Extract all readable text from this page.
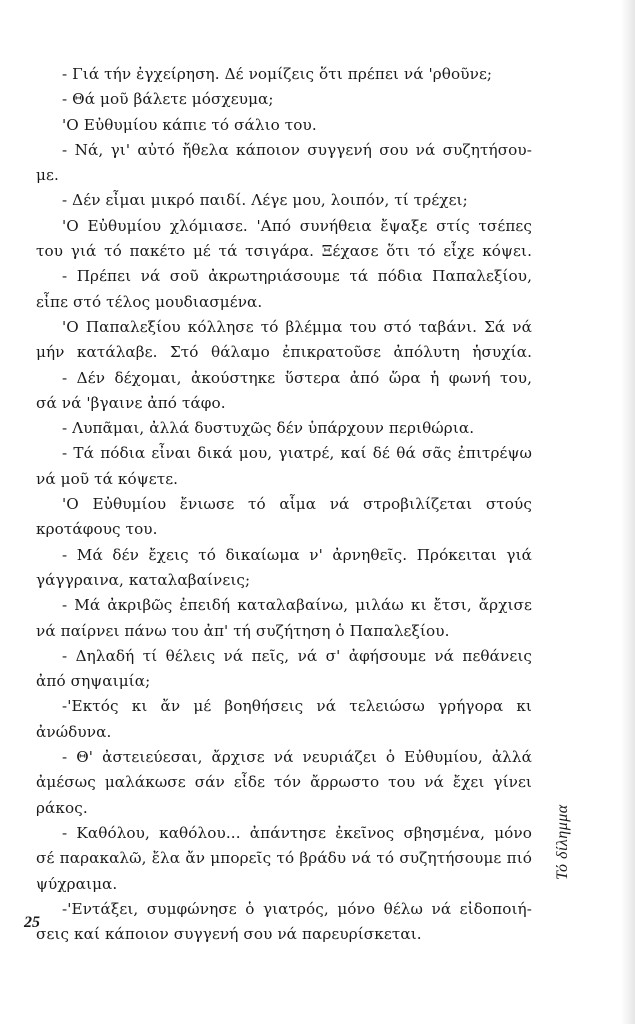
- Γιά τήν ἐγχείρηση. Δέ νομίζεις ὅτι πρέπει νά 'ρθοῦνε;
- Θά μοῦ βάλετε μόσχευμα;
'Ο Εὐθυμίου κάπιε τό σάλιο του.
- Νά, γι' αὐτό ἤθελα κάποιον συγγενή σου νά συζητήσου-
με.
- Δέν εἶμαι μικρό παιδί. Λέγε μου, λοιπόν, τί τρέχει;
'Ο Εὐθυμίου χλόμιασε. 'Από συνήθεια ἔψαξε στίς τσέπες
του γιά τό πακέτο μέ τά τσιγάρα. Ξέχασε ὅτι τό εἶχε κόψει.
- Πρέπει νά σοῦ ἀκρωτηριάσουμε τά πόδια Παπαλεξίου,
εἶπε στό τέλος μουδιασμένα.
'Ο Παπαλεξίου κόλλησε τό βλέμμα του στό ταβάνι. Σά νά
μήν κατάλαβε. Στό θάλαμο ἐπικρατοῦσε ἀπόλυτη ἡσυχία.
- Δέν δέχομαι, ἀκούστηκε ὕστερα ἀπό ὥρα ἡ φωνή του,
σά νά 'βγαινε ἀπό τάφο.
- Λυπᾶμαι, ἀλλά δυστυχῶς δέν ὑπάρχουν περιθώρια.
- Τά πόδια εἶναι δικά μου, γιατρέ, καί δέ θά σᾶς ἐπιτρέψω
νά μοῦ τά κόψετε.
'Ο Εὐθυμίου ἔνιωσε τό αἷμα νά στροβιλίζεται στούς
κροτάφους του.
- Μά δέν ἔχεις τό δικαίωμα ν' ἀρνηθεῖς. Πρόκειται γιά
γάγγραινα, καταλαβαίνεις;
- Μά ἀκριβῶς ἐπειδή καταλαβαίνω, μιλάω κι ἔτσι, ἄρχισε
νά παίρνει πάνω του ἀπ' τή συζήτηση ὁ Παπαλεξίου.
- Δηλαδή τί θέλεις νά πεῖς, νά σ' ἀφήσουμε νά πεθάνεις
ἀπό σηψαιμία;
-'Εκτός κι ἄν μέ βοηθήσεις νά τελειώσω γρήγορα κι
ἀνώδυνα.
- Θ' ἀστειεύεσαι, ἄρχισε νά νευριάζει ὁ Εὐθυμίου, ἀλλά
ἀμέσως μαλάκωσε σάν εἶδε τόν ἄρρωστο του νά ἔχει γίνει
ράκος.
- Καθόλου, καθόλου... ἀπάντησε ἐκεῖνος σβησμένα, μόνο
σέ παρακαλῶ, ἔλα ἄν μπορεῖς τό βράδυ νά τό συζητήσουμε πιό
ψύχραιμα.
-'Εντάξει, συμφώνησε ὁ γιατρός, μόνο θέλω νά εἰδοποιή-
σεις καί κάποιον συγγενή σου νά παρευρίσκεται.
25
Τό δίλημμα
